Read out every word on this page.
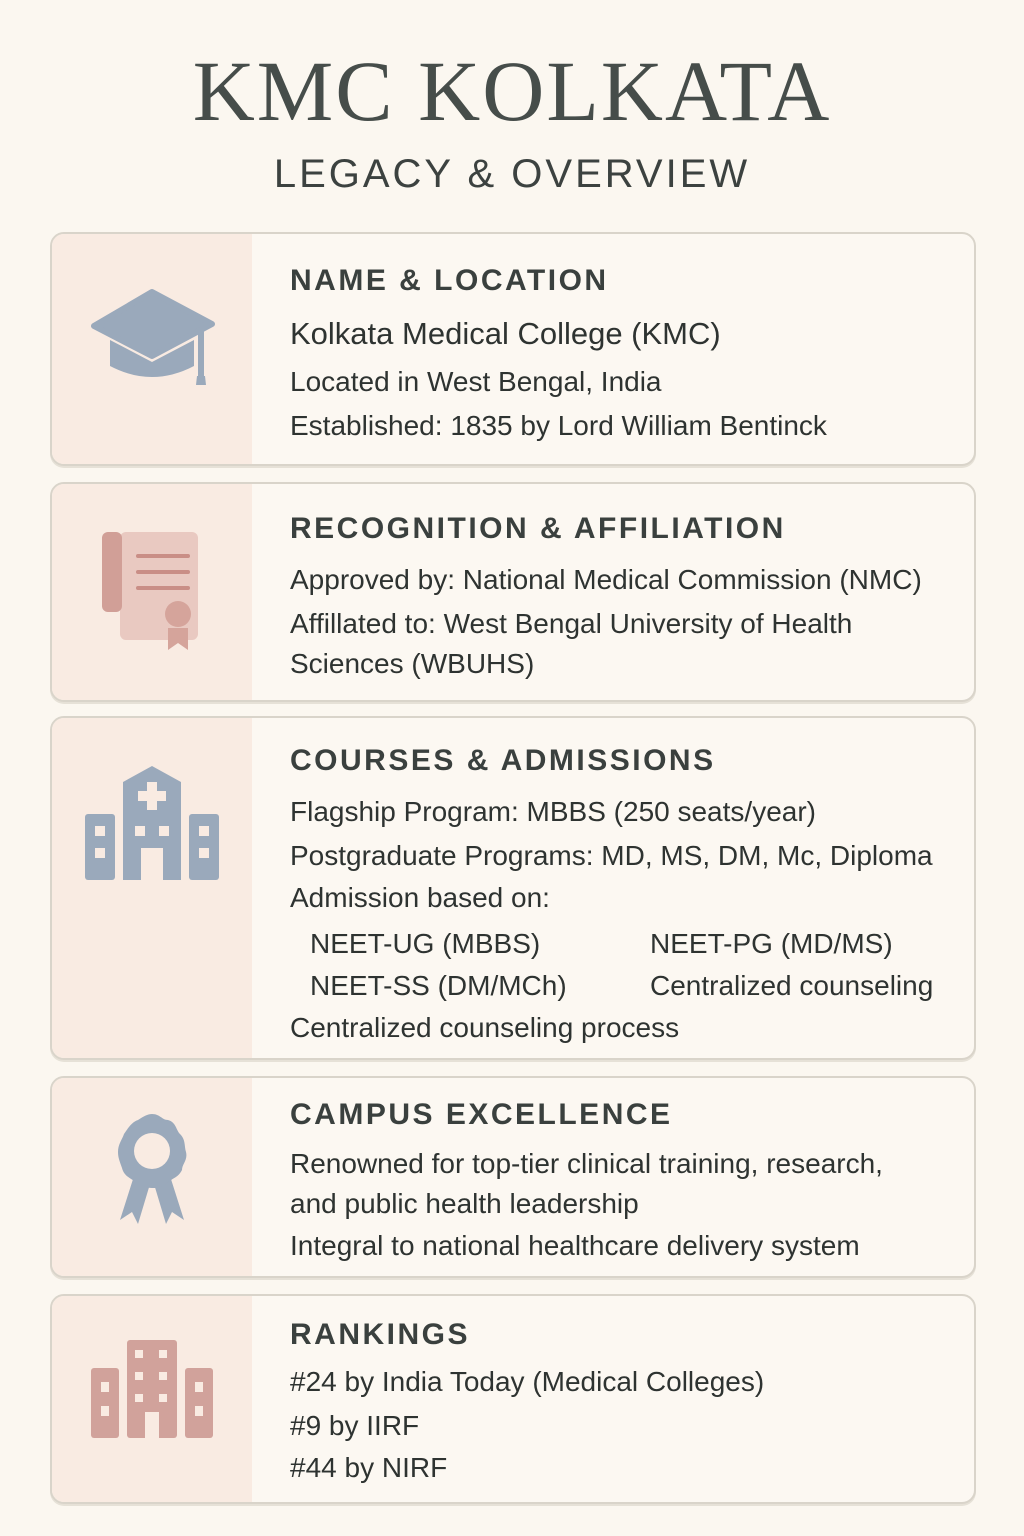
KMC KOLKATA
LEGACY & OVERVIEW
NAME & LOCATION
Kolkata Medical College (KMC)
Located in West Bengal, India
Established: 1835 by Lord William Bentinck
RECOGNITION & AFFILIATION
Approved by: National Medical Commission (NMC)
Affillated to: West Bengal University of Health
Sciences (WBUHS)
COURSES & ADMISSIONS
Flagship Program: MBBS (250 seats/year)
Postgraduate Programs: MD, MS, DM, Mc, Diploma
Admission based on:
NEET-UG (MBBS)	NEET-PG (MD/MS)
NEET-SS (DM/MCh)	Centralized counseling
Centralized counseling process
CAMPUS EXCELLENCE
Renowned for top-tier clinical training, research,
and public health leadership
Integral to national healthcare delivery system
RANKINGS
#24 by India Today (Medical Colleges)
#9 by IIRF
#44 by NIRF
